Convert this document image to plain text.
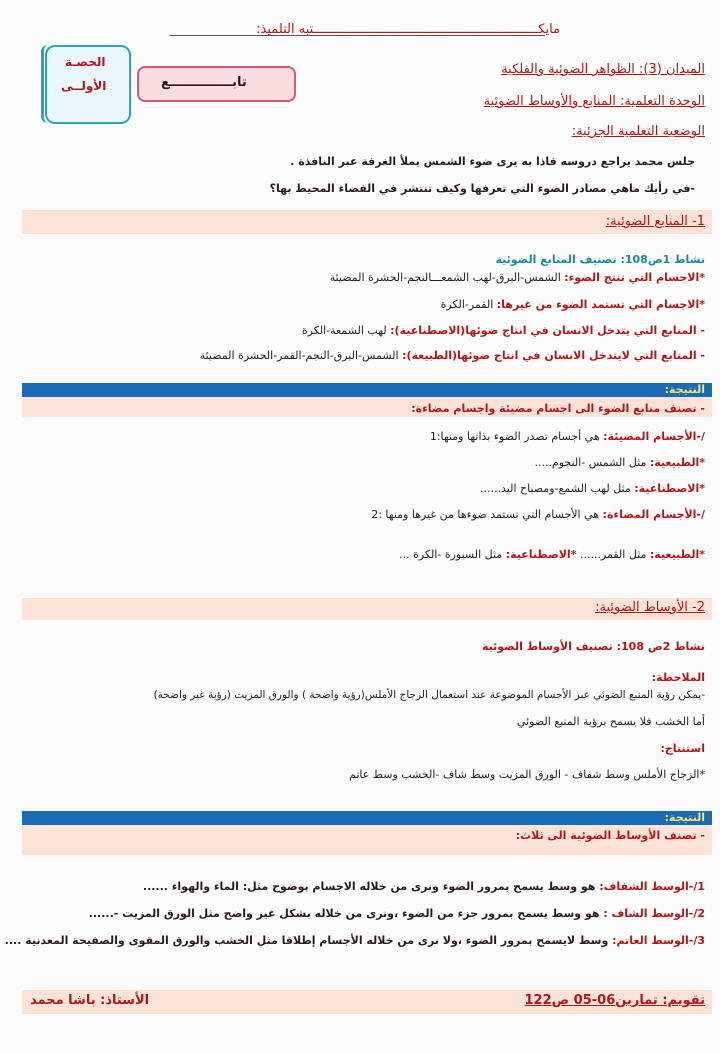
مايكـــــــــــــــــــــــــــــــــــــــــــــــــــــــــــتبه التلميذ:
الحصـة
الأولــى	تابــــــــــــــع
الميدان (3): الظواهر الضوئية والفلكية
الوحدة التعلمية: المنابع والأوساط الضوئية
الوضعية التعلمية الجزئية:
جلس محمد يراجع دروسه فاذا به يرى ضوء الشمس يملأ الغرفة عبر النافذة .
-في رأيك ماهي مصادر الضوء التي تعرفها وكيف تنتشر في الفضاء المحيط بها؟
1- المنابع الضوئية:
نشاط 1ص108: تصنيف المنابع الضوئية
*الاجسام التي تنتج الضوء: الشمس-البرق-لهب الشمعـــالنجم-الحشرة المضيئة
*الاجسام التي تستمد الضوء من غيرها: القمر-الكرة
- المنابع التي يتدخل الانسان في انتاج ضوئها(الاصطناعية): لهب الشمعة-الكرة
- المنابع التي لايتدخل الانسان في انتاج ضوئها(الطبيعة): الشمس-البرق-النجم-القمر-الحشرة المضيئة
النتيجة:
- تصنف منابع الضوء الى اجسام مضيئة واجسام مضاءة:
/-الأجسام المضيئة: هي أجسام تصدر الضوء بذاتها ومنها:1
*الطبيعية: مثل الشمس -النجوم.....
*الاصطناعية: مثل لهب الشمع-ومصباح اليد......
/-الأجسام المضاءة: هي الأجسام التي تستمد ضوءها من غيرها ومنها :2
*الطبيعية: مثل القمر...... *الاصطناعية: مثل السبورة -الكرة ...
2- الأوساط الضوئية:
نشاط 2ص 108: تصنيف الأوساط الضوئية
الملاحظة:
-يمكن رؤية المنبع الضوئي عبر الأجسام الموضوعة عند استعمال الزجاج الأملس(رؤية واضحة ) والورق المزيت (رؤية غير واضحة)
أما الخشب فلا يسمح برؤية المنبع الضوئي
استنتاج:
*الزجاج الأملس وسط شفاف - الورق المزيت وسط شاف -الخشب وسط عاتم
النتيجة:
- تصنف الأوساط الضوئية الى ثلاث:
1/-الوسط الشفاف: هو وسط يسمح بمرور الضوء ونرى من خلاله الاجسام بوضوح مثل: الماء والهواء ......
2/-الوسط الشاف : هو وسط يسمح بمرور جزء من الضوء ،ونرى من خلاله بشكل غير واضح مثل الورق المزيت -......
3/-الوسط العاتم: وسط لايسمح بمرور الضوء ،ولا نرى من خلاله الأجسام إطلاقا مثل الخشب والورق المقوى والصفيحة المعدنية ....
تقويم: تمارين06-05 ص122
الأستاذ: باشا محمد
